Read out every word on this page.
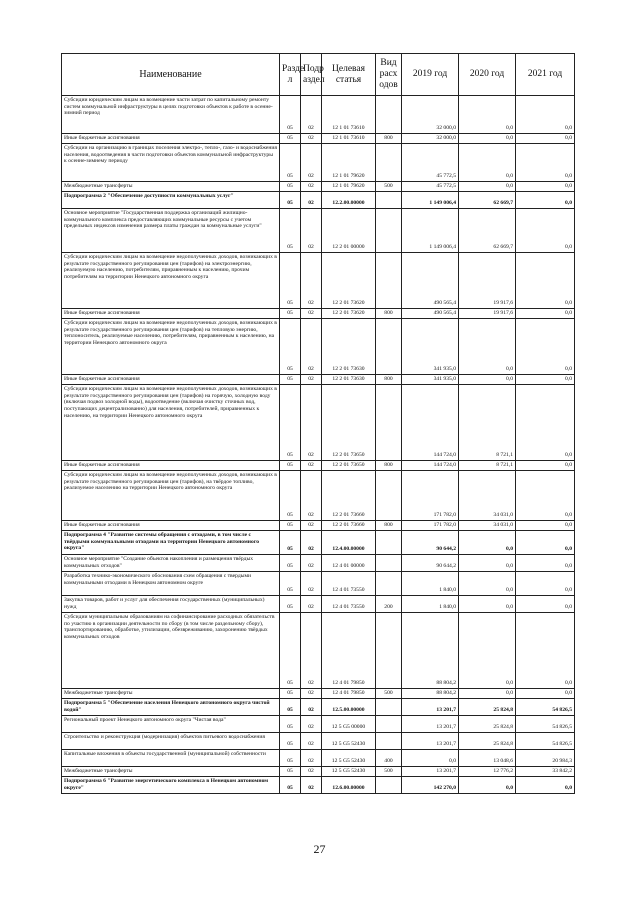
Наименование	Разде л	Подр аздел	Целевая статья	Вид расх одов	2019 год	2020 год	2021 год
Субсидии юридическим лицам на возмещение части затрат по капитальному ремонту систем коммунальной инфраструктуры в целях подготовки объектов к работе в осенне-зимний период	05	02	12 1 01 73610		32 000,0	0,0	0,0
Иные бюджетные ассигнования	05	02	12 1 01 73610	800	32 000,0	0,0	0,0
Субсидии на организацию в границах поселения электро-, тепло-, газо- и водоснабжения населения, водоотведения в части подготовки объектов коммунальной инфраструктуры к осенне-зимнему периоду	05	02	12 1 01 79620		45 772,5	0,0	0,0
Межбюджетные трансферты	05	02	12 1 01 79620	500	45 772,5	0,0	0,0
Подпрограмма 2 "Обеспечение доступности коммунальных услуг"	05	02	12.2.00.00000		1 149 006,4	62 669,7	0,0
Основное мероприятие "Государственная поддержка организаций жилищно-коммунального комплекса предоставляющих коммунальные ресурсы с учетом предельных индексов изменения размера платы граждан за коммунальные услуги"	05	02	12 2 01 00000		1 149 006,4	62 669,7	0,0
Субсидии юридическим лицам на возмещение недополученных доходов, возникающих в результате государственного регулирования цен (тарифов) на электроэнергию, реализуемую населению, потребителям, приравненным к населению, прочим потребителям на территории Ненецкого автономного округа	05	02	12 2 01 73620		490 565,4	19 917,6	0,0
Иные бюджетные ассигнования	05	02	12 2 01 73620	800	490 565,4	19 917,6	0,0
Субсидии юридическим лицам на возмещение недополученных доходов, возникающих в результате государственного регулирования цен (тарифов) на тепловую энергию, теплоноситель, реализуемые населению, потребителям, приравненным к населению, на территории Ненецкого автономного округа	05	02	12 2 01 73630		341 935,0	0,0	0,0
Иные бюджетные ассигнования	05	02	12 2 01 73630	800	341 935,0	0,0	0,0
Субсидии юридическим лицам на возмещение недополученных доходов, возникающих в результате государственного регулирования цен (тарифов) на горячую, холодную воду (включая подвоз холодной воды), водоотведение (включая очистку сточных вод, поступающих децентрализованно) для населения, потребителей, приравненных к населению, на территории Ненецкого автономного округа	05	02	12 2 01 73650		144 724,0	8 721,1	0,0
Иные бюджетные ассигнования	05	02	12 2 01 73650	800	144 724,0	8 721,1	0,0
Субсидии юридическим лицам на возмещение недополученных доходов, возникающих в результате государственного регулирования цен (тарифов), на твёрдое топливо, реализуемое населению на территории Ненецкого автономного округа	05	02	12 2 01 73660		171 782,0	34 031,0	0,0
Иные бюджетные ассигнования	05	02	12 2 01 73660	800	171 782,0	34 031,0	0,0
Подпрограмма 4 "Развитие системы обращения с отходами, в том числе с твёрдыми коммунальными отходами на территории Ненецкого автономного округа"	05	02	12.4.00.00000		90 644,2	0,0	0,0
Основное мероприятие "Создание объектов накопления и размещения твёрдых коммунальных отходов"	05	02	12 4 01 00000		90 644,2	0,0	0,0
Разработка технико-экономического обоснования схем обращения с твердыми коммунальными отходами в Ненецком автономном округе	05	02	12 4 01 73550		1 840,0	0,0	0,0
Закупка товаров, работ и услуг для обеспечения государственных (муниципальных) нужд	05	02	12 4 01 73550	200	1 840,0	0,0	0,0
Субсидии муниципальным образованиям на софинансирование расходных обязательств по участию в организации деятельности по сбору (в том числе раздельному сбору), транспортированию, обработке, утилизации, обезвреживанию, захоронению твёрдых коммунальных отходов	05	02	12 4 01 79850		88 804,2	0,0	0,0
Межбюджетные трансферты	05	02	12 4 01 79850	500	88 804,2	0,0	0,0
Подпрограмма 5 "Обеспечение населения Ненецкого автономного округа чистой водой"	05	02	12.5.00.00000		13 201,7	25 824,8	54 826,5
Региональный проект Ненецкого автономного округа "Чистая вода"	05	02	12 5 G5 00000		13 201,7	25 824,8	54 826,5
Строительство и реконструкция (модернизация) объектов питьевого водоснабжения	05	02	12 5 G5 52430		13 201,7	25 824,8	54 826,5
Капитальные вложения в объекты государственной (муниципальной) собственности	05	02	12 5 G5 52430	400	0,0	13 048,6	20 984,3
Межбюджетные трансферты	05	02	12 5 G5 52430	500	13 201,7	12 776,2	33 842,2
Подпрограмма 6 "Развитие энергетического комплекса в Ненецком автономном округе"	05	02	12.6.00.00000		142 270,0	0,0	0,0
27
